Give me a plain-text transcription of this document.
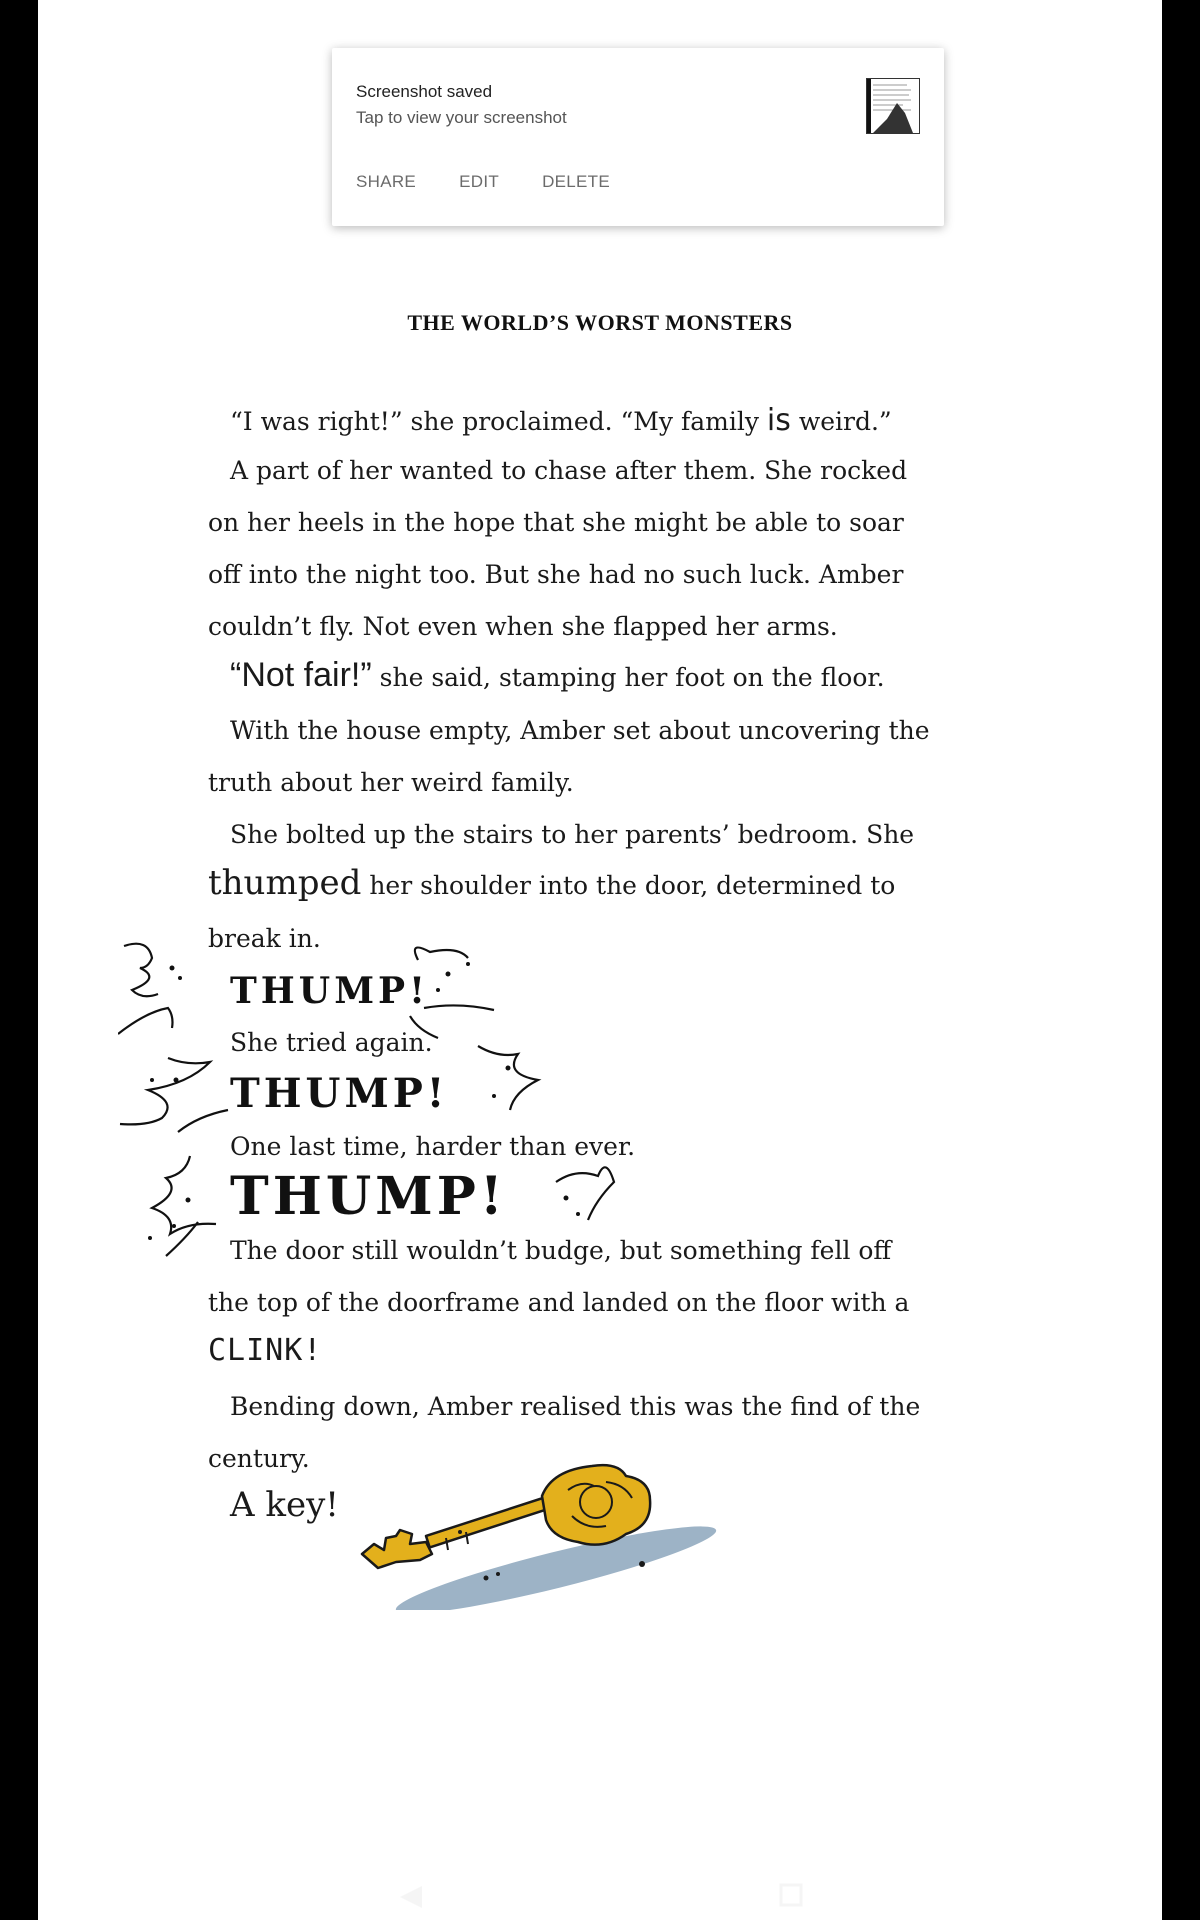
Screenshot saved
Tap to view your screenshot
SHARE	EDIT	DELETE
THE WORLD’S WORST MONSTERS
“I was right!” she proclaimed. “My family is weird.”
A part of her wanted to chase after them. She rocked
on her heels in the hope that she might be able to soar
off into the night too. But she had no such luck. Amber
couldn’t fly. Not even when she flapped her arms.
“Not fair!” she said, stamping her foot on the floor.
With the house empty, Amber set about uncovering the
truth about her weird family.
She bolted up the stairs to her parents’ bedroom. She
thumped her shoulder into the door, determined to
break in.
THUMP!
She tried again.
THUMP!
One last time, harder than ever.
THUMP!
The door still wouldn’t budge, but something fell off
the top of the doorframe and landed on the floor with a
CLINK!
Bending down, Amber realised this was the find of the
century.
A key!
